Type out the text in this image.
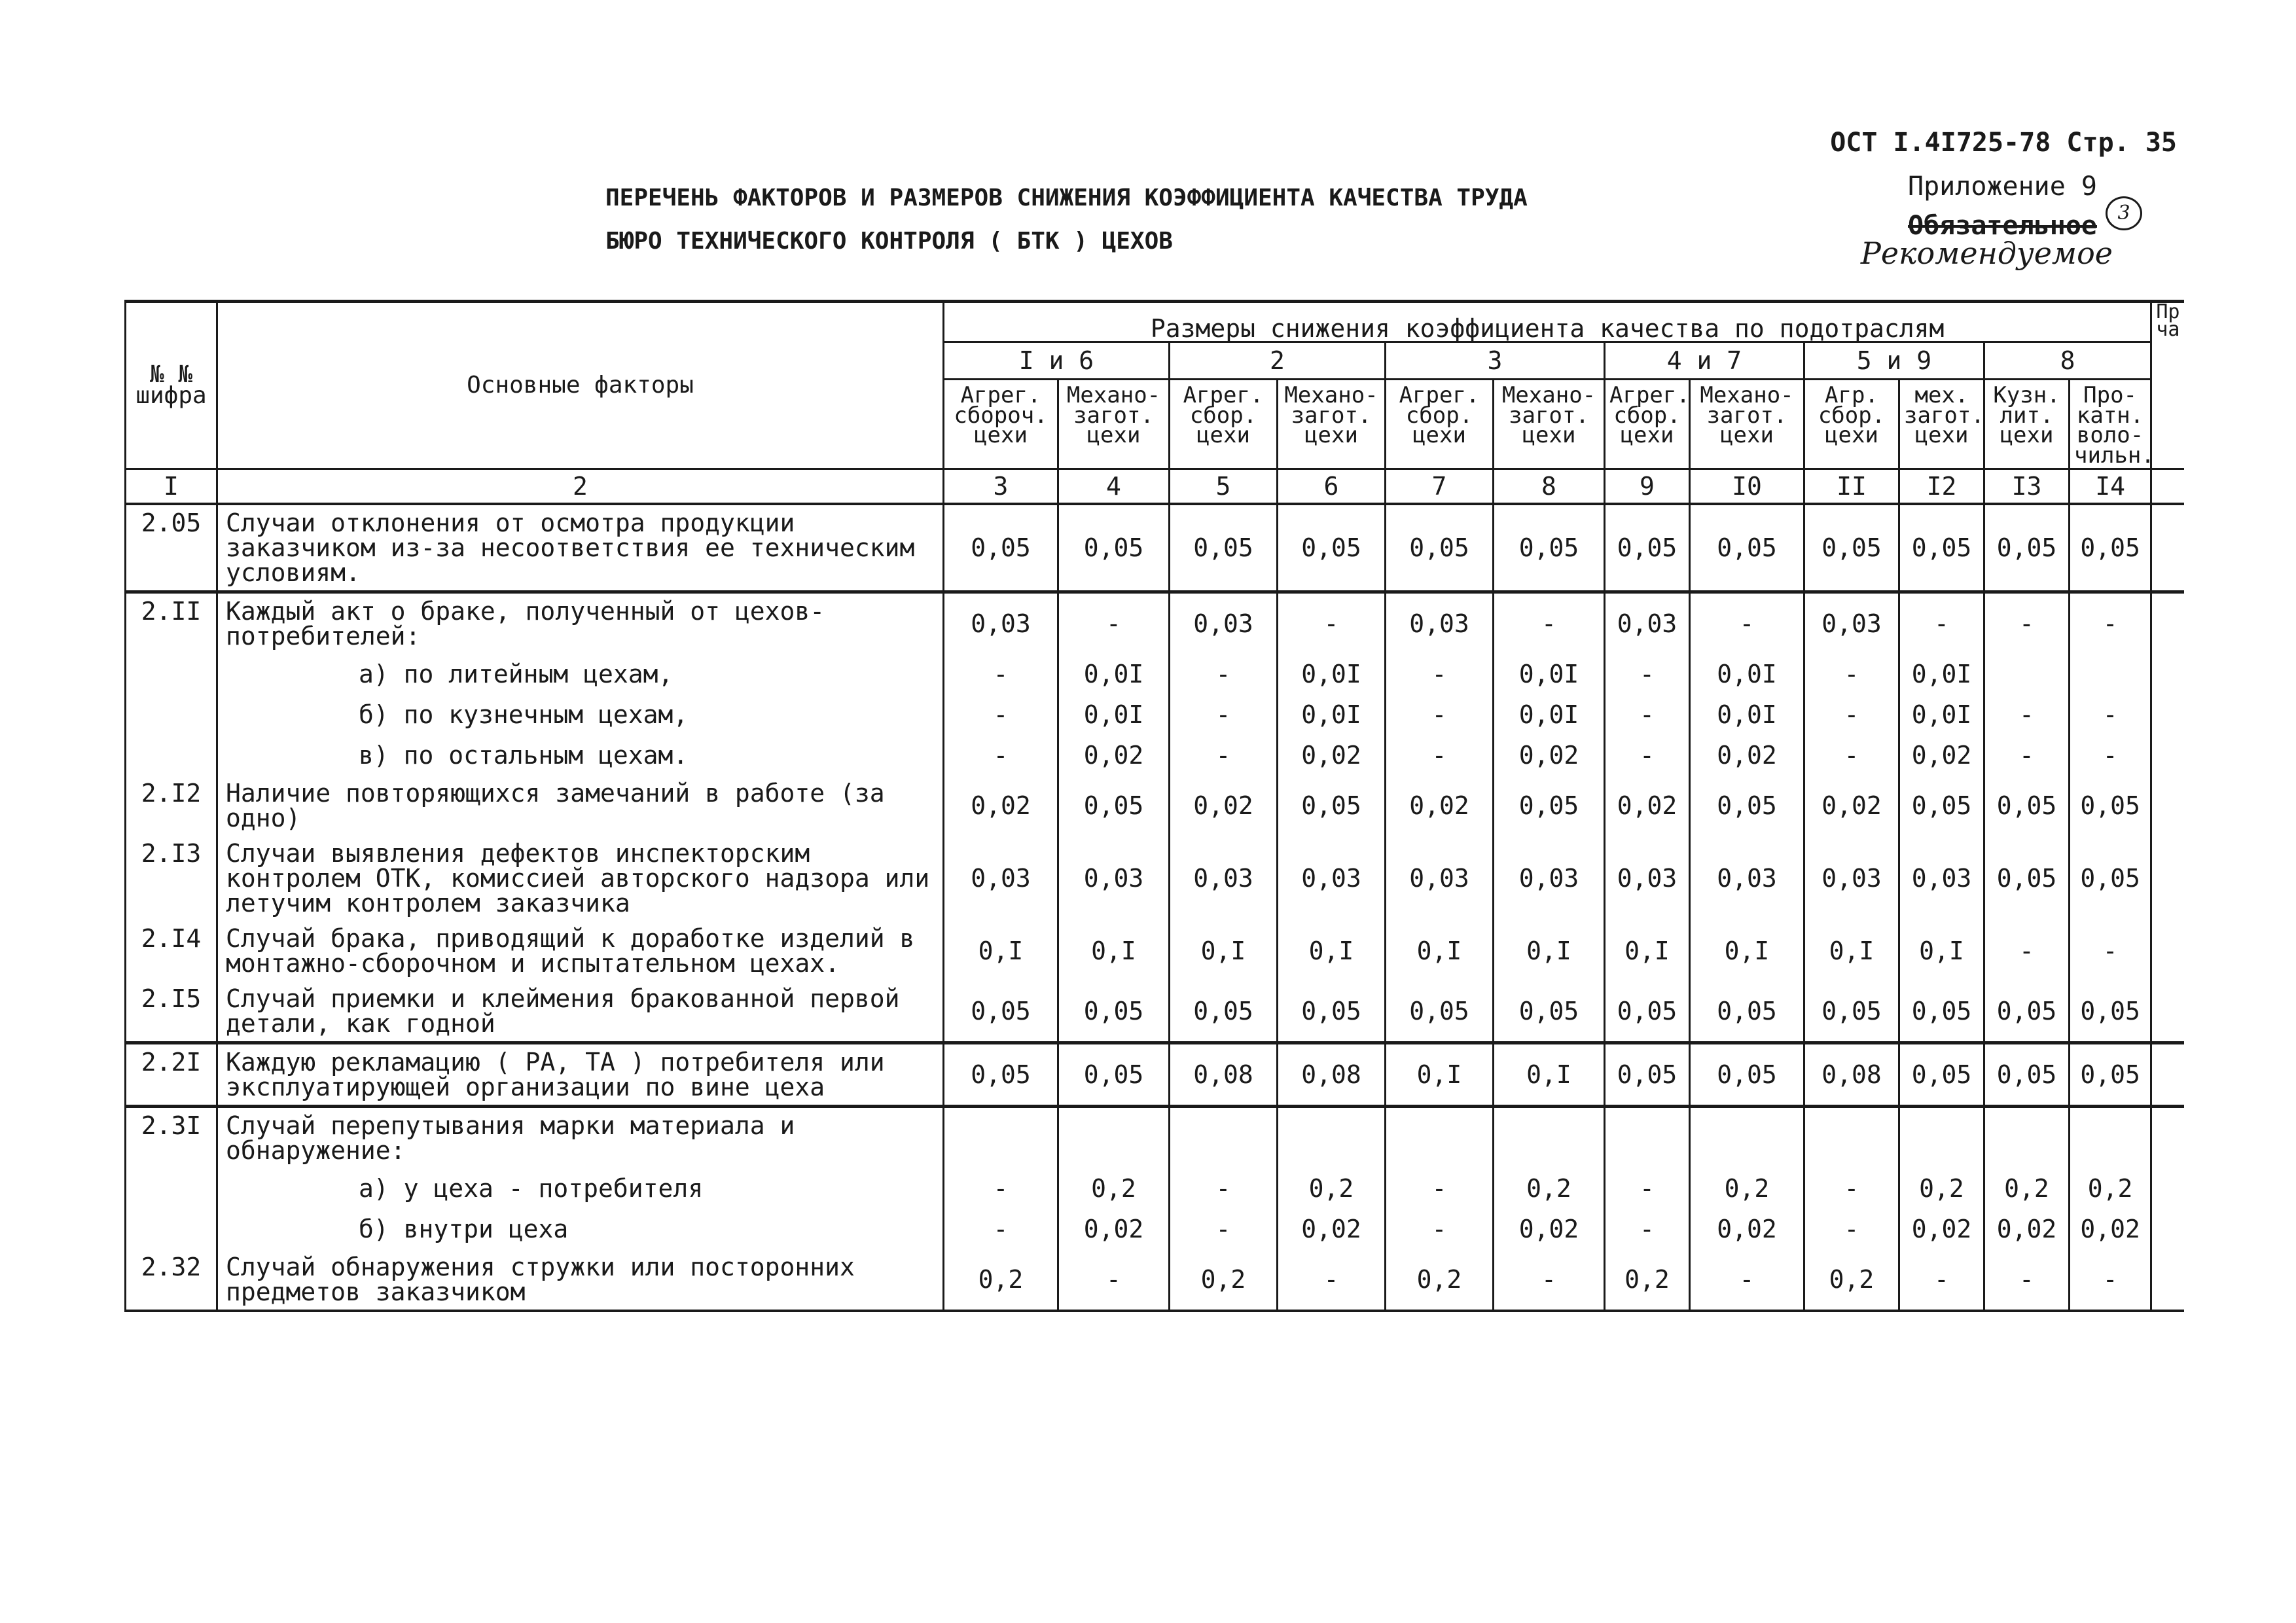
ОСТ I.4I725-78 Стр. 35
Приложение 9
Обязательное
Рекомендуемое
3
ПЕРЕЧЕНЬ ФАКТОРОВ И РАЗМЕРОВ СНИЖЕНИЯ КОЭФФИЦИЕНТА КАЧЕСТВА ТРУДА
БЮРО ТЕХНИЧЕСКОГО КОНТРОЛЯ ( БТК ) ЦЕХОВ
№ № шифра	Основные факторы	Размеры снижения коэффициента качества по подотраслям												Пр ча
		I и 6		2		3		4 и 7		5 и 9		8		
		Агрег. сбороч. цехи	Механо- загот. цехи	Агрег. сбор. цехи	Механо- загот. цехи	Агрег. сбор. цехи	Механо- загот. цехи	Агрег. сбор. цехи	Механо- загот. цехи	Агр. сбор. цехи	мех. загот. цехи	Кузн. лит. цехи	Про- катн. воло- чильн.	
I	2	3	4	5	6	7	8	9	I0	II	I2	I3	I4	
2.05	Случаи отклонения от осмотра продукции заказчиком из-за несоответствия ее техническим условиям.	0,05	0,05	0,05	0,05	0,05	0,05	0,05	0,05	0,05	0,05	0,05	0,05	
2.II	Каждый акт о браке, полученный от цехов-потребителей:	0,03	-	0,03	-	0,03	-	0,03	-	0,03	-	-	-	
	а) по литейным цехам,	-	0,0I	-	0,0I	-	0,0I	-	0,0I	-	0,0I			
	б) по кузнечным цехам,	-	0,0I	-	0,0I	-	0,0I	-	0,0I	-	0,0I	-	-	
	в) по остальным цехам.	-	0,02	-	0,02	-	0,02	-	0,02	-	0,02	-	-	
2.I2	Наличие повторяющихся замечаний в работе (за одно)	0,02	0,05	0,02	0,05	0,02	0,05	0,02	0,05	0,02	0,05	0,05	0,05	
2.I3	Случаи выявления дефектов инспекторским контролем ОТК, комиссией авторского надзора или летучим контролем заказчика	0,03	0,03	0,03	0,03	0,03	0,03	0,03	0,03	0,03	0,03	0,05	0,05	
2.I4	Случай брака, приводящий к доработке изделий в монтажно-сборочном и испытательном цехах.	0,I	0,I	0,I	0,I	0,I	0,I	0,I	0,I	0,I	0,I	-	-	
2.I5	Случай приемки и клеймения бракованной первой детали, как годной	0,05	0,05	0,05	0,05	0,05	0,05	0,05	0,05	0,05	0,05	0,05	0,05	
2.2I	Каждую рекламацию ( РА, ТА ) потребителя или эксплуатирующей организации по вине цеха	0,05	0,05	0,08	0,08	0,I	0,I	0,05	0,05	0,08	0,05	0,05	0,05	
2.3I	Случай перепутывания марки материала и обнаружение:													
	а) у цеха - потребителя	-	0,2	-	0,2	-	0,2	-	0,2	-	0,2	0,2	0,2	
	б) внутри цеха	-	0,02	-	0,02	-	0,02	-	0,02	-	0,02	0,02	0,02	
2.32	Случай обнаружения стружки или посторонних предметов заказчиком	0,2	-	0,2	-	0,2	-	0,2	-	0,2	-	-	-	
